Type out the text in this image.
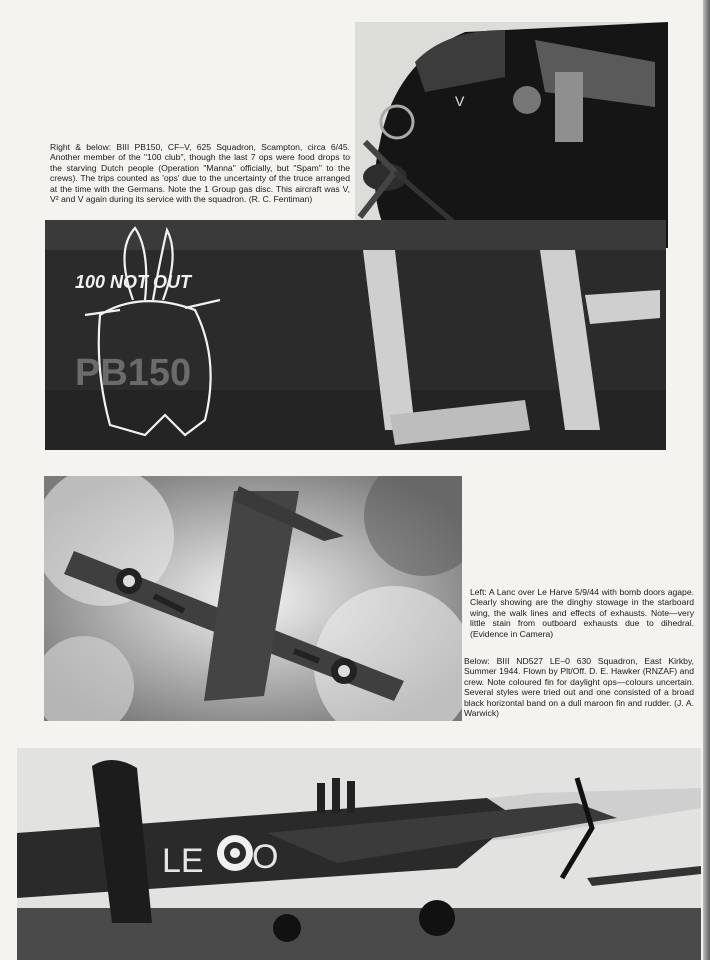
V

Right & below: BIII PB150, CF–V, 625 Squadron, Scampton, circa 6/45. Another member of the "100 club", though the last 7 ops were food drops to the starving Dutch people (Operation "Manna" officially, but "Spam" to the crews). The trips counted as 'ops' due to the uncertainty of the truce arranged at the time with the Germans. Note the 1 Group gas disc. This aircraft was V, V² and V again during its service with the squadron. (R. C. Fentiman)

100 NOT OUT
PB150	CF

Left: A Lanc over Le Harve 5/9/44 with bomb doors agape. Clearly showing are the dinghy stowage in the starboard wing, the walk lines and effects of exhausts. Note—very little stain from outboard exhausts due to dihedral. (Evidence in Camera)

Below: BIII ND527 LE–0 630 Squadron, East Kirkby, Summer 1944. Flown by Plt/Off. D. E. Hawker (RNZAF) and crew. Note coloured fin for daylight ops—colours uncertain. Several styles were tried out and one consisted of a broad black horizontal band on a dull maroon fin and rudder. (J. A. Warwick)

LE O
